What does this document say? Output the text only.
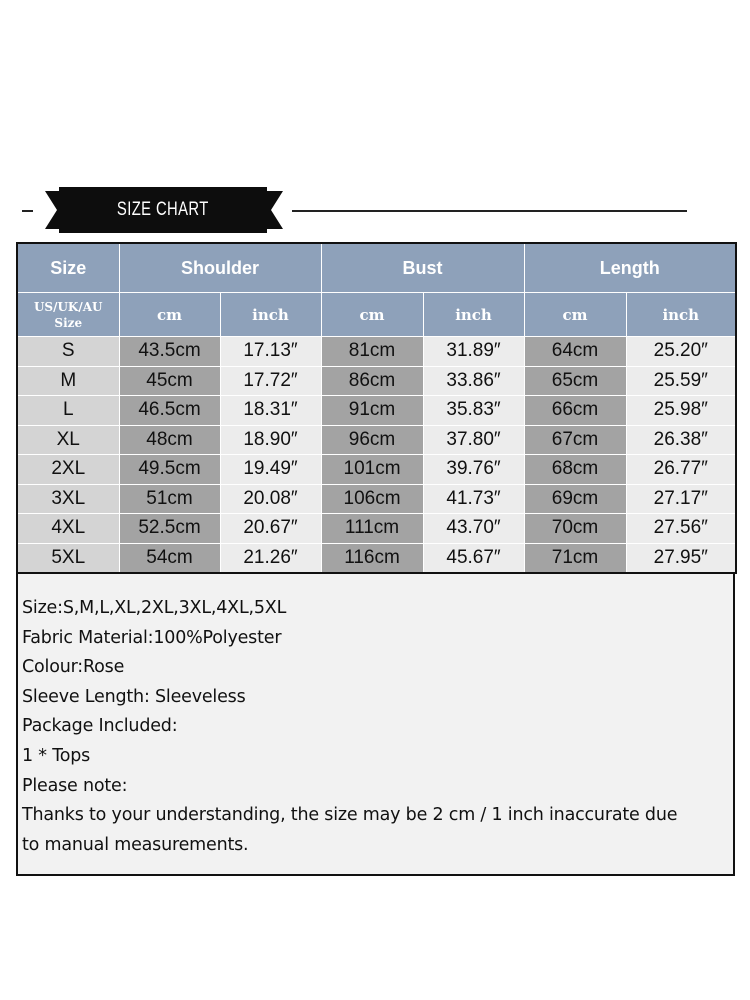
SIZE CHART
Size	Shoulder		Bust		Length	

US/UK/AU
Size	cm	inch	cm	inch	cm	inch
S	43.5cm	17.13″	81cm	31.89″	64cm	25.20″
M	45cm	17.72″	86cm	33.86″	65cm	25.59″
L	46.5cm	18.31″	91cm	35.83″	66cm	25.98″
XL	48cm	18.90″	96cm	37.80″	67cm	26.38″
2XL	49.5cm	19.49″	101cm	39.76″	68cm	26.77″
3XL	51cm	20.08″	106cm	41.73″	69cm	27.17″
4XL	52.5cm	20.67″	111cm	43.70″	70cm	27.56″
5XL	54cm	21.26″	116cm	45.67″	71cm	27.95″
Size:S,M,L,XL,2XL,3XL,4XL,5XL
Fabric Material:100%Polyester
Colour:Rose
Sleeve Length: Sleeveless
Package Included:
1 * Tops
Please note:
Thanks to your understanding, the size may be 2 cm / 1 inch inaccurate due
to manual measurements.
